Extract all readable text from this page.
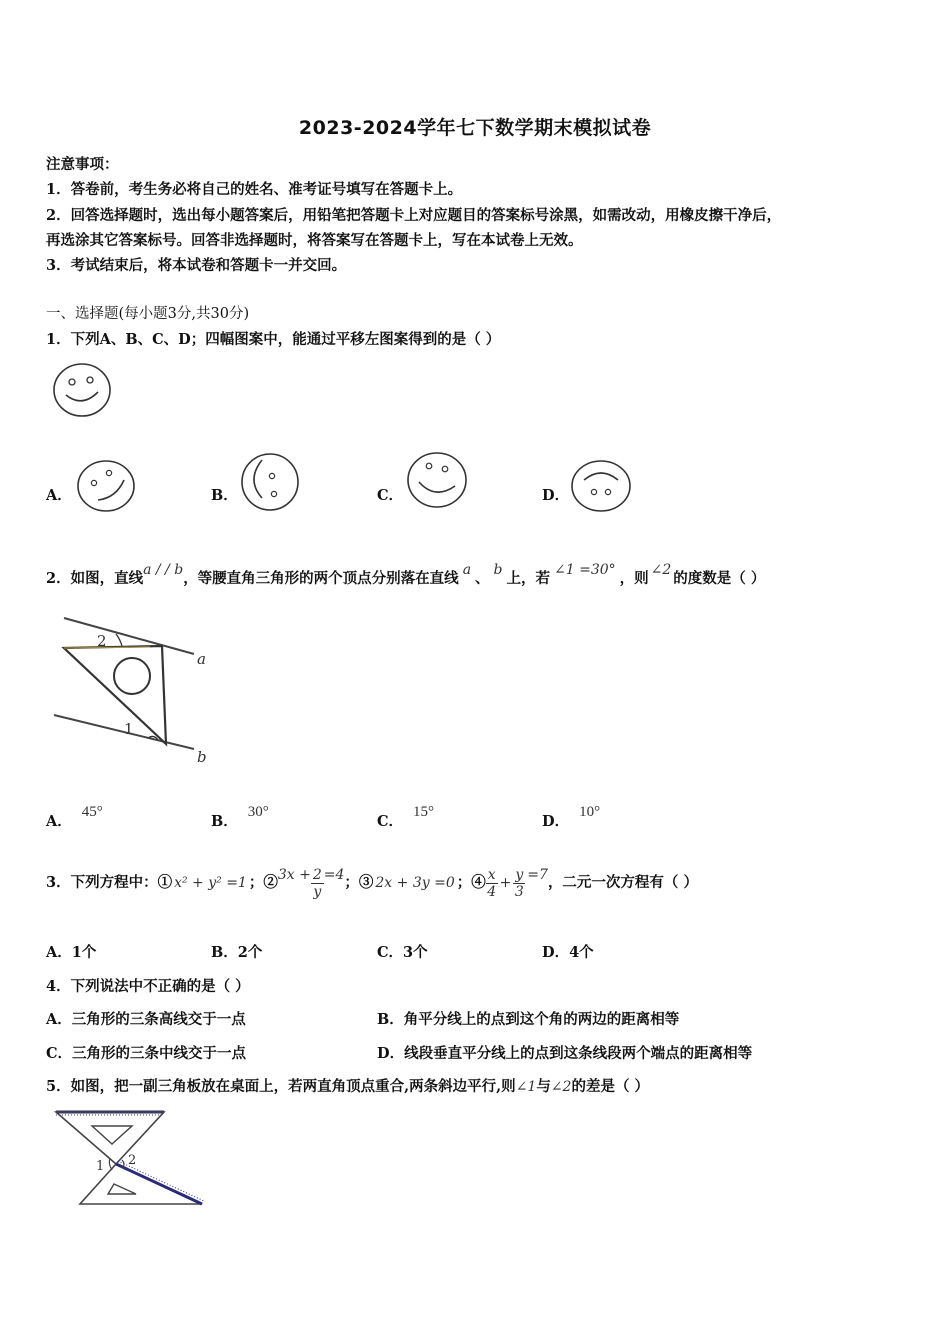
2023-2024学年七下数学期末模拟试卷
注意事项：
1．答卷前，考生务必将自己的姓名、准考证号填写在答题卡上。
2．回答选择题时，选出每小题答案后，用铅笔把答题卡上对应题目的答案标号涂黑，如需改动，用橡皮擦干净后，
再选涂其它答案标号。回答非选择题时，将答案写在答题卡上，写在本试卷上无效。
3．考试结束后，将本试卷和答题卡一并交回。
一、选择题(每小题3分,共30分)
1．下列A、B、C、D；四幅图案中，能通过平移左图案得到的是（ ）
A．	B．	C．	D．
2．如图，直线a / / b，等腰直角三角形的两个顶点分别落在直线 a 、 b 上，若 ∠1 =30° ，则 ∠2 的度数是（ ）
2
1
a
b
A．45°
B．30°
C．15°
D．10°
3．下列方程中：① x² + y² =1 ；②3x + $\frac{2}{y} =4$；③ 2x + 3y =0 ；④ $\frac{x}{4} + \frac{y}{3} =7$，二元一次方程有（ ）
A．1个	B．2个	C．3个	D．4个
4．下列说法中不正确的是（ ）
A．三角形的三条高线交于一点	B．角平分线上的点到这个角的两边的距离相等
C．三角形的三条中线交于一点	D．线段垂直平分线上的点到这条线段两个端点的距离相等
5．如图，把一副三角板放在桌面上，若两直角顶点重合,两条斜边平行,则∠1与∠2的差是（ ）
1 2
